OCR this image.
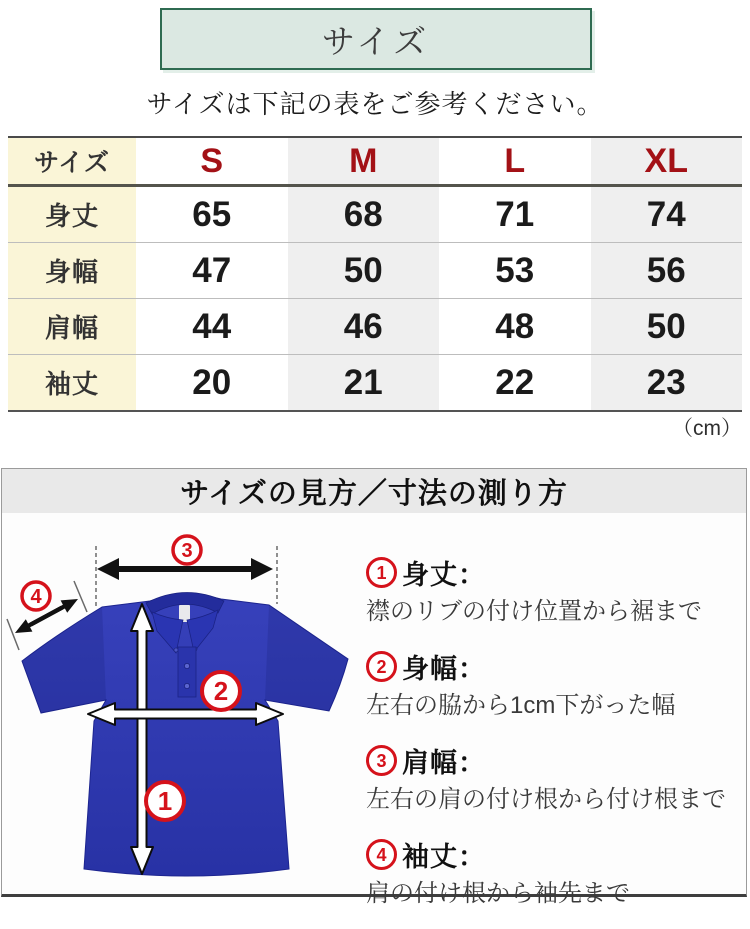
サイズ
サイズは下記の表をご参考ください。
サイズ	S	M	L	XL
身丈	65	68	71	74
身幅	47	50	53	56
肩幅	44	46	48	50
袖丈	20	21	22	23
（cm）
サイズの見方／寸法の測り方
3
4
2
1
1 身丈：
襟のリブの付け位置から裾まで
2 身幅：
左右の脇から1cm下がった幅
3 肩幅：
左右の肩の付け根から付け根まで
4 袖丈：
肩の付け根から袖先まで
